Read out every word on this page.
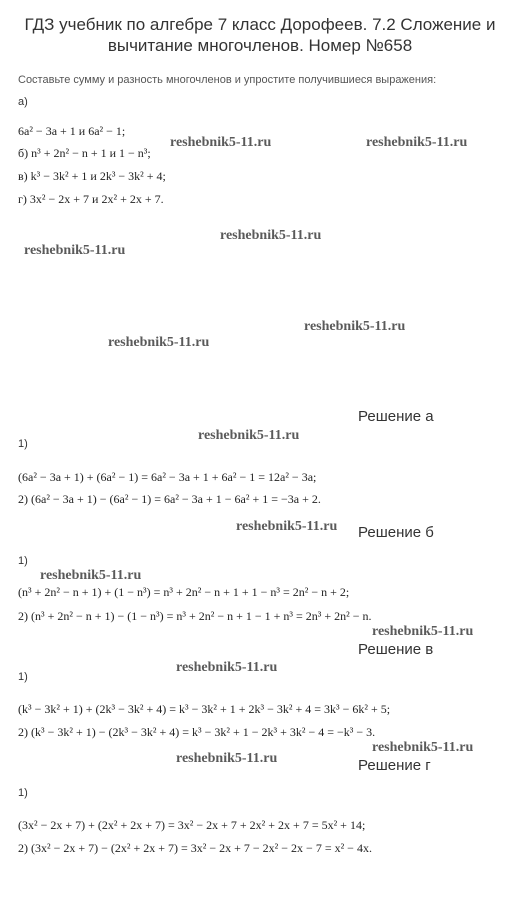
ГДЗ учебник по алгебре 7 класс Дорофеев. 7.2 Сложение и вычитание многочленов. Номер №658
Составьте сумму и разность многочленов и упростите получившиеся выражения:
а)
6a² − 3a + 1 и 6a² − 1;
б) n³ + 2n² − n + 1 и 1 − n³;
в) k³ − 3k² + 1 и 2k³ − 3k² + 4;
г) 3x² − 2x + 7 и 2x² + 2x + 7.
Решение а
1)
(6a² − 3a + 1) + (6a² − 1) = 6a² − 3a + 1 + 6a² − 1 = 12a² − 3a;
2) (6a² − 3a + 1) − (6a² − 1) = 6a² − 3a + 1 − 6a² + 1 = −3a + 2.
Решение б
1)
(n³ + 2n² − n + 1) + (1 − n³) = n³ + 2n² − n + 1 + 1 − n³ = 2n² − n + 2;
2) (n³ + 2n² − n + 1) − (1 − n³) = n³ + 2n² − n + 1 − 1 + n³ = 2n³ + 2n² − n.
Решение в
1)
(k³ − 3k² + 1) + (2k³ − 3k² + 4) = k³ − 3k² + 1 + 2k³ − 3k² + 4 = 3k³ − 6k² + 5;
2) (k³ − 3k² + 1) − (2k³ − 3k² + 4) = k³ − 3k² + 1 − 2k³ + 3k² − 4 = −k³ − 3.
Решение г
1)
(3x² − 2x + 7) + (2x² + 2x + 7) = 3x² − 2x + 7 + 2x² + 2x + 7 = 5x² + 14;
2) (3x² − 2x + 7) − (2x² + 2x + 7) = 3x² − 2x + 7 − 2x² − 2x − 7 = x² − 4x.
reshebnik5-11.ru	reshebnik5-11.ru
reshebnik5-11.ru
reshebnik5-11.ru
reshebnik5-11.ru
reshebnik5-11.ru
reshebnik5-11.ru
reshebnik5-11.ru
reshebnik5-11.ru
reshebnik5-11.ru
reshebnik5-11.ru
reshebnik5-11.ru
reshebnik5-11.ru
